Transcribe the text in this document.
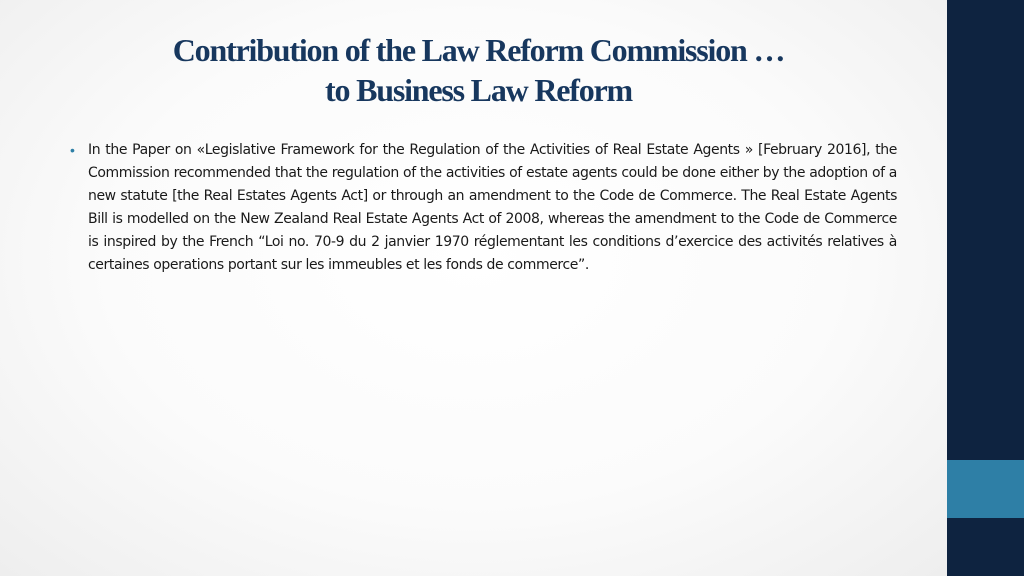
Contribution of the Law Reform Commission …
to Business Law Reform
• In the Paper on «Legislative Framework for the Regulation of the Activities of Real Estate Agents » [February 2016], the Commission recommended that the regulation of the activities of estate agents could be done either by the adoption of a new statute [the Real Estates Agents Act] or through an amendment to the Code de Commerce. The Real Estate Agents Bill is modelled on the New Zealand Real Estate Agents Act of 2008, whereas the amendment to the Code de Commerce is inspired by the French “Loi no. 70-9 du 2 janvier 1970 réglementant les conditions d’exercice des activités relatives à certaines operations portant sur les immeubles et les fonds de commerce”.
